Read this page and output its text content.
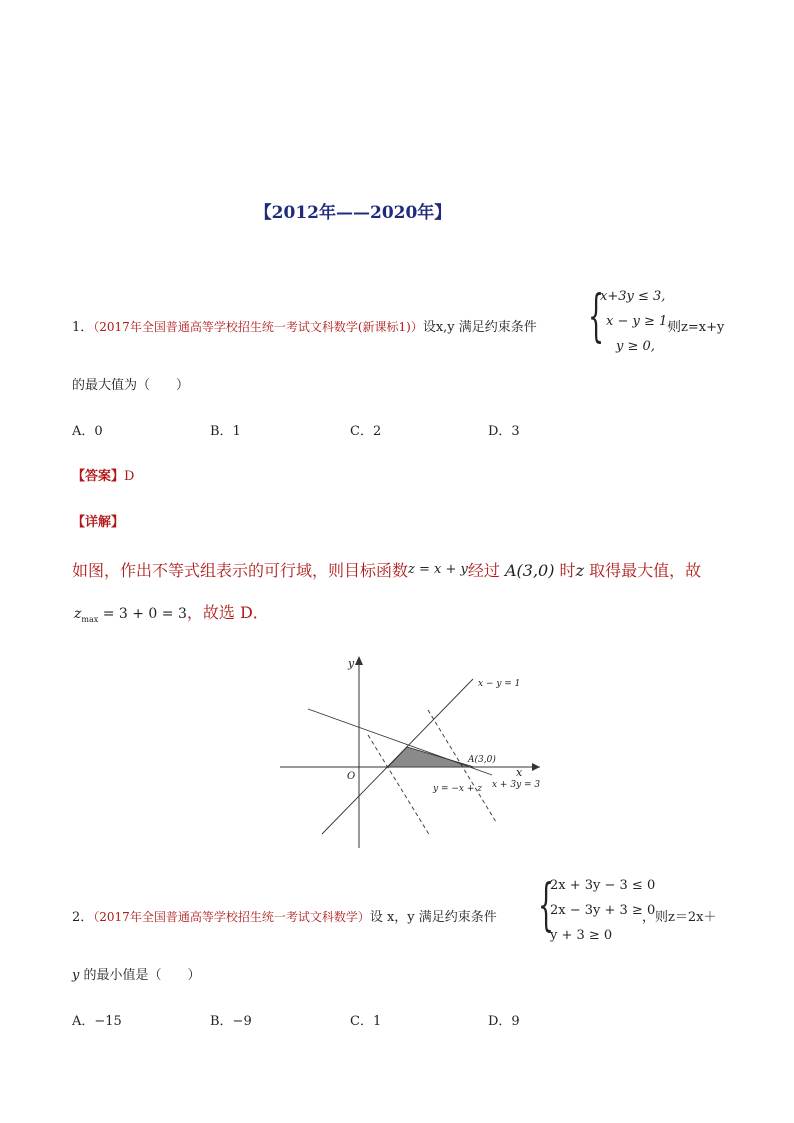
【2012年——2020年】
1．（2017年全国普通高等学校招生统一考试文科数学(新课标1)）设x,y 满足约束条件 {
x+3y ≤ 3,
x − y ≥ 1,
y ≥ 0,
则z=x+y
的最大值为（　　）
A．0	B．1	C．2	D．3
【答案】D
【详解】
如图，作出不等式组表示的可行域，则目标函数z = x + y经过 A(3,0) 时z 取得最大值，故
$z_{max} = 3 + 0 = 3$，故选 D．
y
x
O
x − y = 1
x + 3y = 3
y = −x + z
A(3,0)
2．（2017年全国普通高等学校招生统一考试文科数学）设 x，y 满足约束条件 {
2x + 3y − 3 ≤ 0
2x − 3y + 3 ≥ 0
y + 3 ≥ 0
，则z＝2x＋
y 的最小值是（　　）
A．−15	B．−9	C．1	D．9
